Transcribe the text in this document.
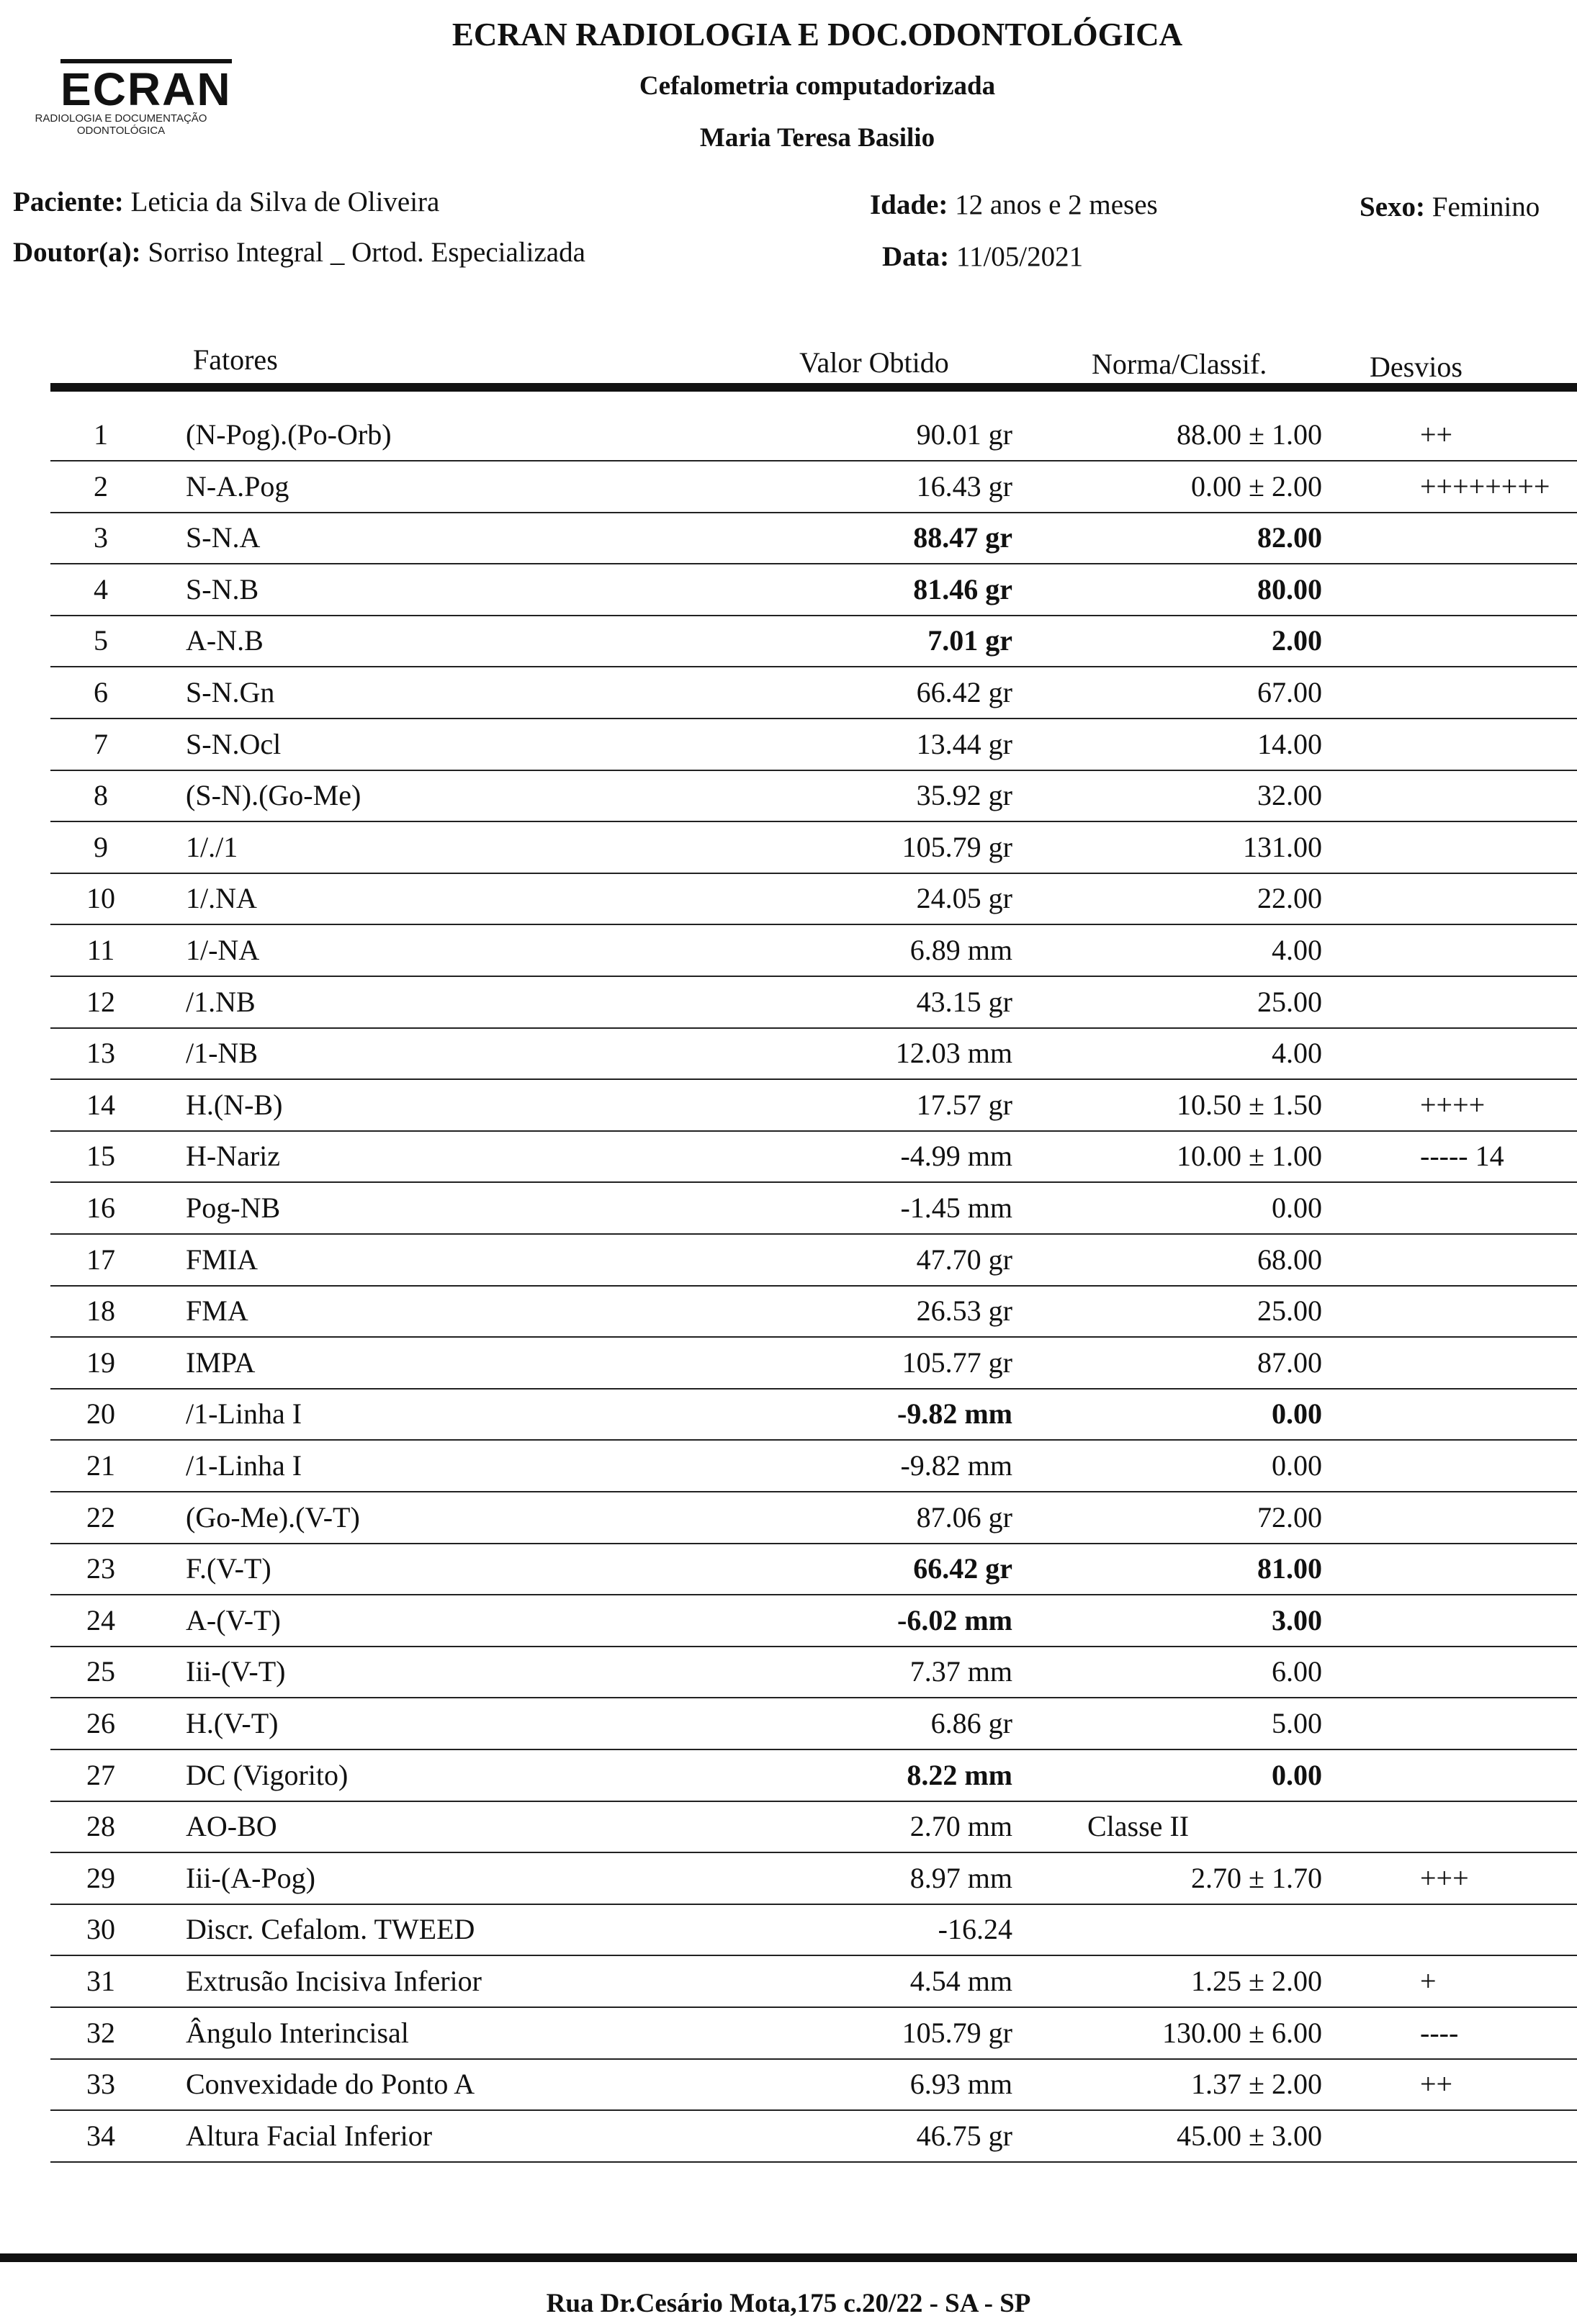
ECRAN
RADIOLOGIA E DOCUMENTAÇÃO
ODONTOLÓGICA
ECRAN RADIOLOGIA E DOC.ODONTOLÓGICA
Cefalometria computadorizada
Maria Teresa Basilio
Paciente: Leticia da Silva de Oliveira	Idade: 12 anos e 2 meses	Sexo: Feminino
Doutor(a): Sorriso Integral _ Ortod. Especializada	Data: 11/05/2021
Fatores	Valor Obtido	Norma/Classif.	Desvios
1	(N-Pog).(Po-Orb)	90.01 gr	88.00 ± 1.00	++
2	N-A.Pog	16.43 gr	0.00 ± 2.00	++++++++
3	S-N.A	88.47 gr	82.00
4	S-N.B	81.46 gr	80.00
5	A-N.B	7.01 gr	2.00
6	S-N.Gn	66.42 gr	67.00
7	S-N.Ocl	13.44 gr	14.00
8	(S-N).(Go-Me)	35.92 gr	32.00
9	1/./1	105.79 gr	131.00
10	1/.NA	24.05 gr	22.00
11	1/-NA	6.89 mm	4.00
12	/1.NB	43.15 gr	25.00
13	/1-NB	12.03 mm	4.00
14	H.(N-B)	17.57 gr	10.50 ± 1.50	++++
15	H-Nariz	-4.99 mm	10.00 ± 1.00	----- 14
16	Pog-NB	-1.45 mm	0.00
17	FMIA	47.70 gr	68.00
18	FMA	26.53 gr	25.00
19	IMPA	105.77 gr	87.00
20	/1-Linha I	-9.82 mm	0.00
21	/1-Linha I	-9.82 mm	0.00
22	(Go-Me).(V-T)	87.06 gr	72.00
23	F.(V-T)	66.42 gr	81.00
24	A-(V-T)	-6.02 mm	3.00
25	Iii-(V-T)	7.37 mm	6.00
26	H.(V-T)	6.86 gr	5.00
27	DC (Vigorito)	8.22 mm	0.00
28	AO-BO	2.70 mm	Classe II
29	Iii-(A-Pog)	8.97 mm	2.70 ± 1.70	+++
30	Discr. Cefalom. TWEED	-16.24
31	Extrusão Incisiva Inferior	4.54 mm	1.25 ± 2.00	+
32	Ângulo Interincisal	105.79 gr	130.00 ± 6.00	----
33	Convexidade do Ponto A	6.93 mm	1.37 ± 2.00	++
34	Altura Facial Inferior	46.75 gr	45.00 ± 3.00
Rua Dr.Cesário Mota,175 c.20/22 - SA - SP
